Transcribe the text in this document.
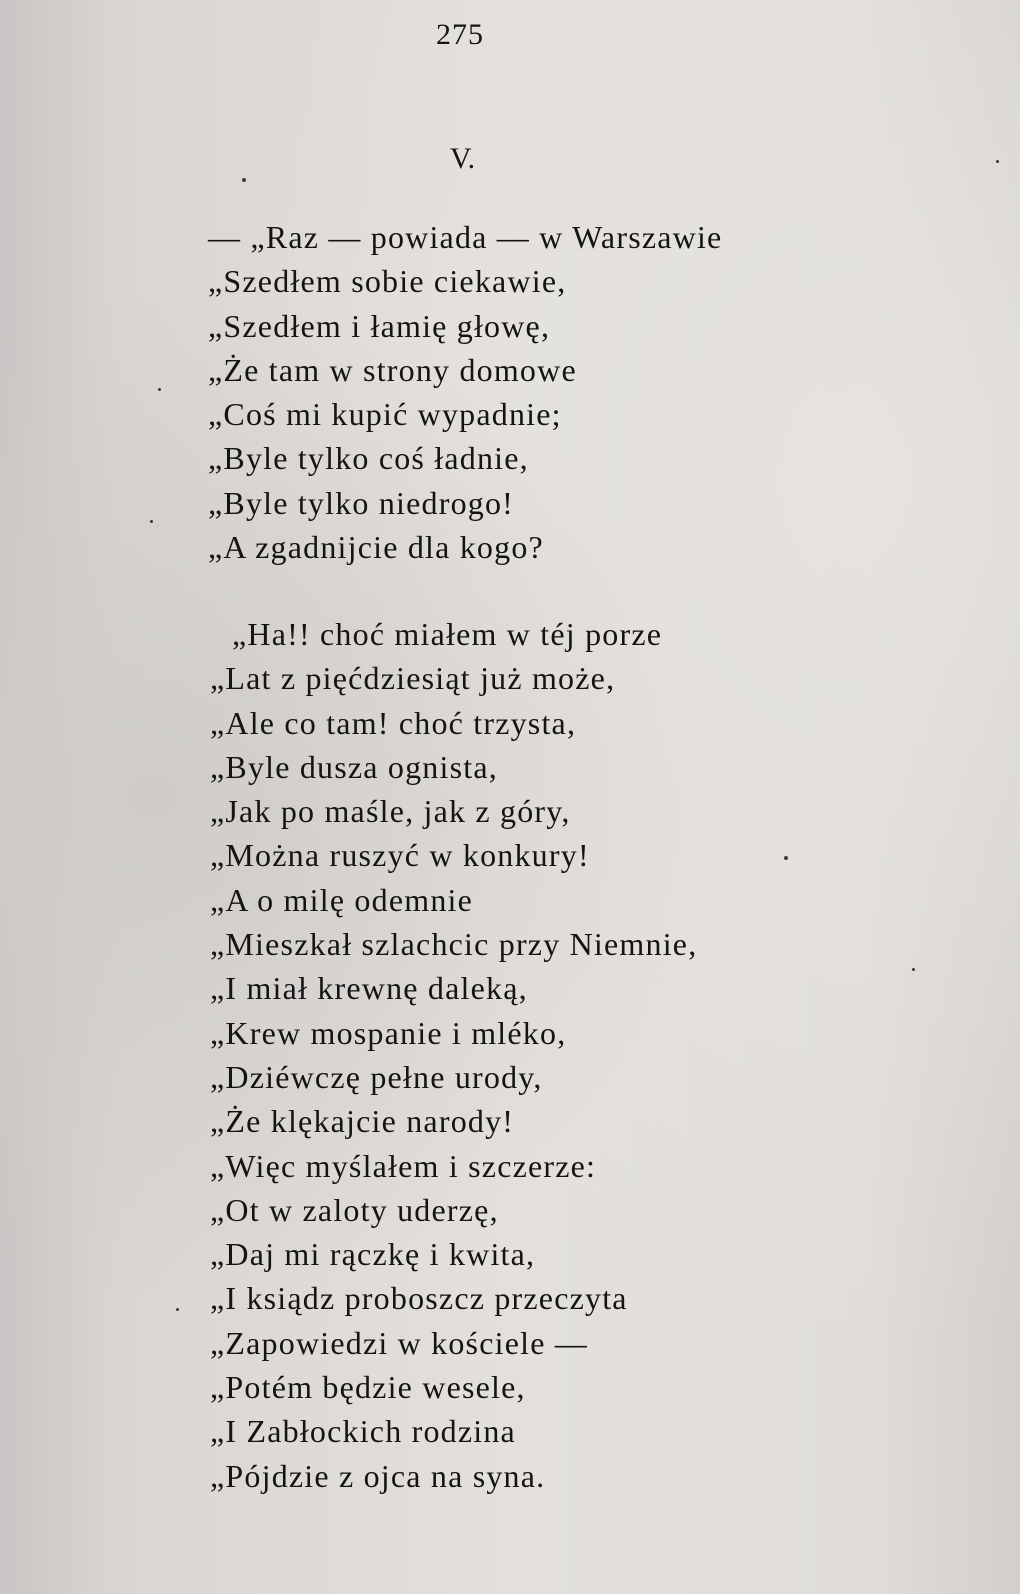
275
V.
— „Raz — powiada — w Warszawie
„Szedłem sobie ciekawie,
„Szedłem i łamię głowę,
„Że tam w strony domowe
„Coś mi kupić wypadnie;
„Byle tylko coś ładnie,
„Byle tylko niedrogo!
„A zgadnijcie dla kogo?
„Ha!! choć miałem w téj porze
„Lat z pięćdziesiąt już może,
„Ale co tam! choć trzysta,
„Byle dusza ognista,
„Jak po maśle, jak z góry,
„Można ruszyć w konkury!
„A o milę odemnie
„Mieszkał szlachcic przy Niemnie,
„I miał krewnę daleką,
„Krew mospanie i mléko,
„Dziéwczę pełne urody,
„Że klękajcie narody!
„Więc myślałem i szczerze:
„Ot w zaloty uderzę,
„Daj mi rączkę i kwita,
„I ksiądz proboszcz przeczyta
„Zapowiedzi w kościele —
„Potém będzie wesele,
„I Zabłockich rodzina
„Pójdzie z ojca na syna.
